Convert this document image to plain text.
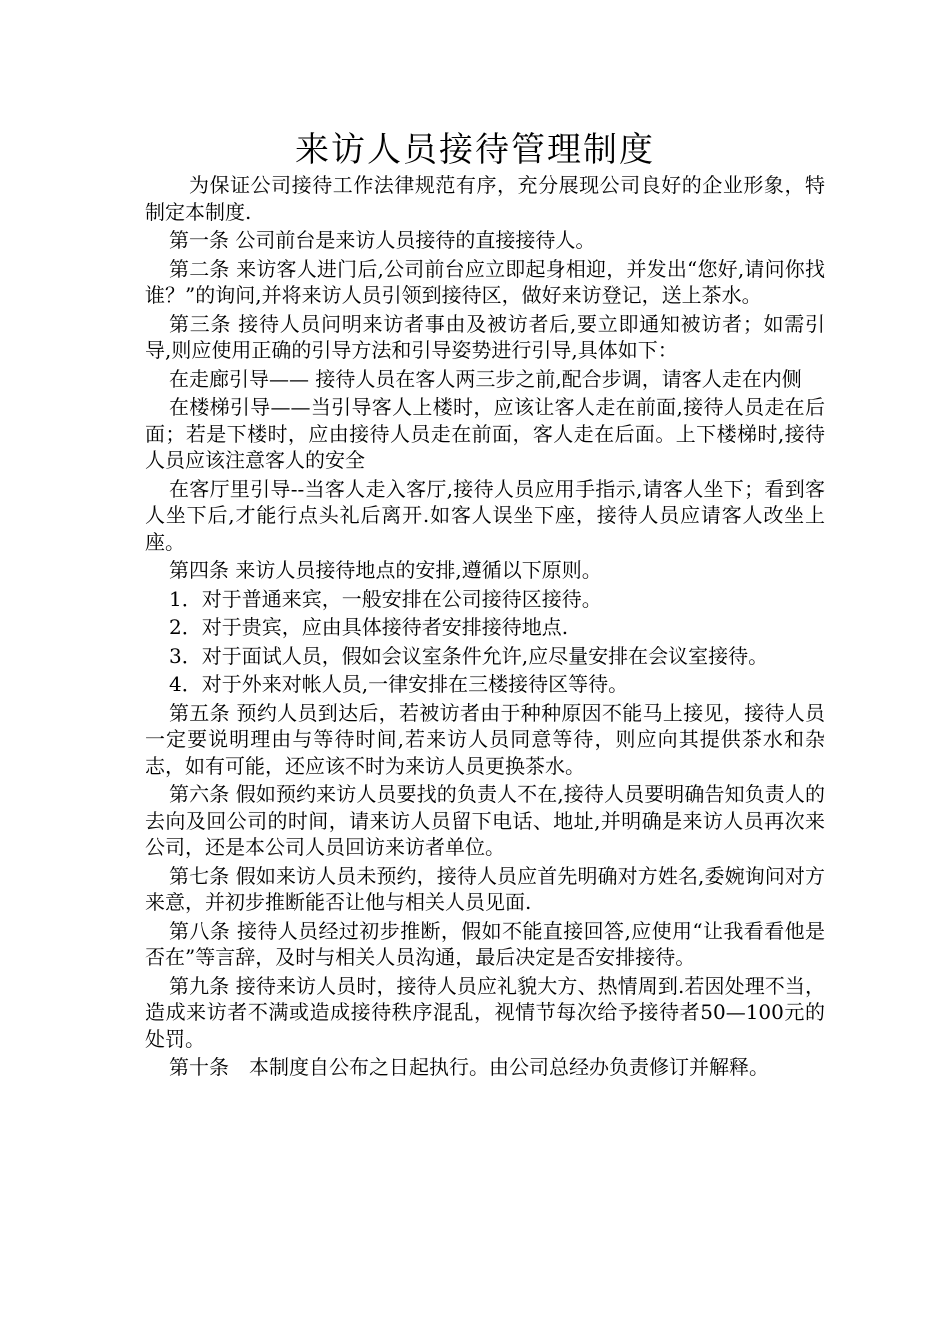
来访人员接待管理制度

为保证公司接待工作法律规范有序，充分展现公司良好的企业形象，特制定本制度.

第一条 公司前台是来访人员接待的直接接待人。

第二条 来访客人进门后,公司前台应立即起身相迎，并发出“您好,请问你找谁？”的询问,并将来访人员引领到接待区，做好来访登记，送上茶水。

第三条 接待人员问明来访者事由及被访者后,要立即通知被访者；如需引导,则应使用正确的引导方法和引导姿势进行引导,具体如下：

在走廊引导—— 接待人员在客人两三步之前,配合步调，请客人走在内侧

在楼梯引导——当引导客人上楼时，应该让客人走在前面,接待人员走在后面；若是下楼时，应由接待人员走在前面，客人走在后面。上下楼梯时,接待人员应该注意客人的安全

在客厅里引导--当客人走入客厅,接待人员应用手指示,请客人坐下；看到客人坐下后,才能行点头礼后离开.如客人误坐下座，接待人员应请客人改坐上座。

第四条 来访人员接待地点的安排,遵循以下原则。

1．对于普通来宾，一般安排在公司接待区接待。

2．对于贵宾，应由具体接待者安排接待地点.

3．对于面试人员，假如会议室条件允许,应尽量安排在会议室接待。

4．对于外来对帐人员,一律安排在三楼接待区等待。

第五条 预约人员到达后，若被访者由于种种原因不能马上接见，接待人员一定要说明理由与等待时间,若来访人员同意等待，则应向其提供茶水和杂志，如有可能，还应该不时为来访人员更换茶水。

第六条 假如预约来访人员要找的负责人不在,接待人员要明确告知负责人的去向及回公司的时间，请来访人员留下电话、地址,并明确是来访人员再次来公司，还是本公司人员回访来访者单位。

第七条 假如来访人员未预约，接待人员应首先明确对方姓名,委婉询问对方来意，并初步推断能否让他与相关人员见面.

第八条 接待人员经过初步推断，假如不能直接回答,应使用“让我看看他是否在”等言辞，及时与相关人员沟通，最后决定是否安排接待。

第九条 接待来访人员时，接待人员应礼貌大方、热情周到.若因处理不当，造成来访者不满或造成接待秩序混乱，视情节每次给予接待者50—100元的处罚。

第十条　本制度自公布之日起执行。由公司总经办负责修订并解释。
